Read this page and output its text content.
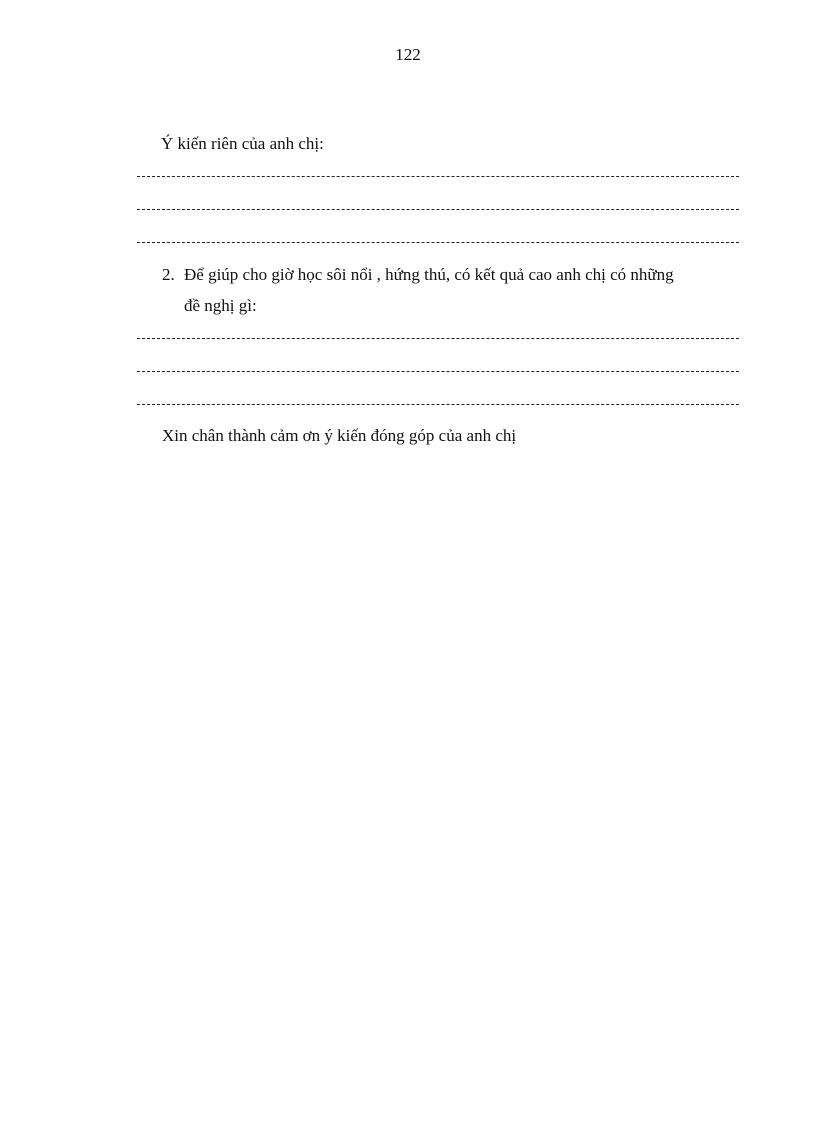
122
Ý kiến riên của anh chị:
2. Để giúp cho giờ học sôi nổi , hứng thú, có kết quả cao anh chị có những
đề nghị gì:
Xin chân thành cảm ơn ý kiến đóng góp của anh chị
